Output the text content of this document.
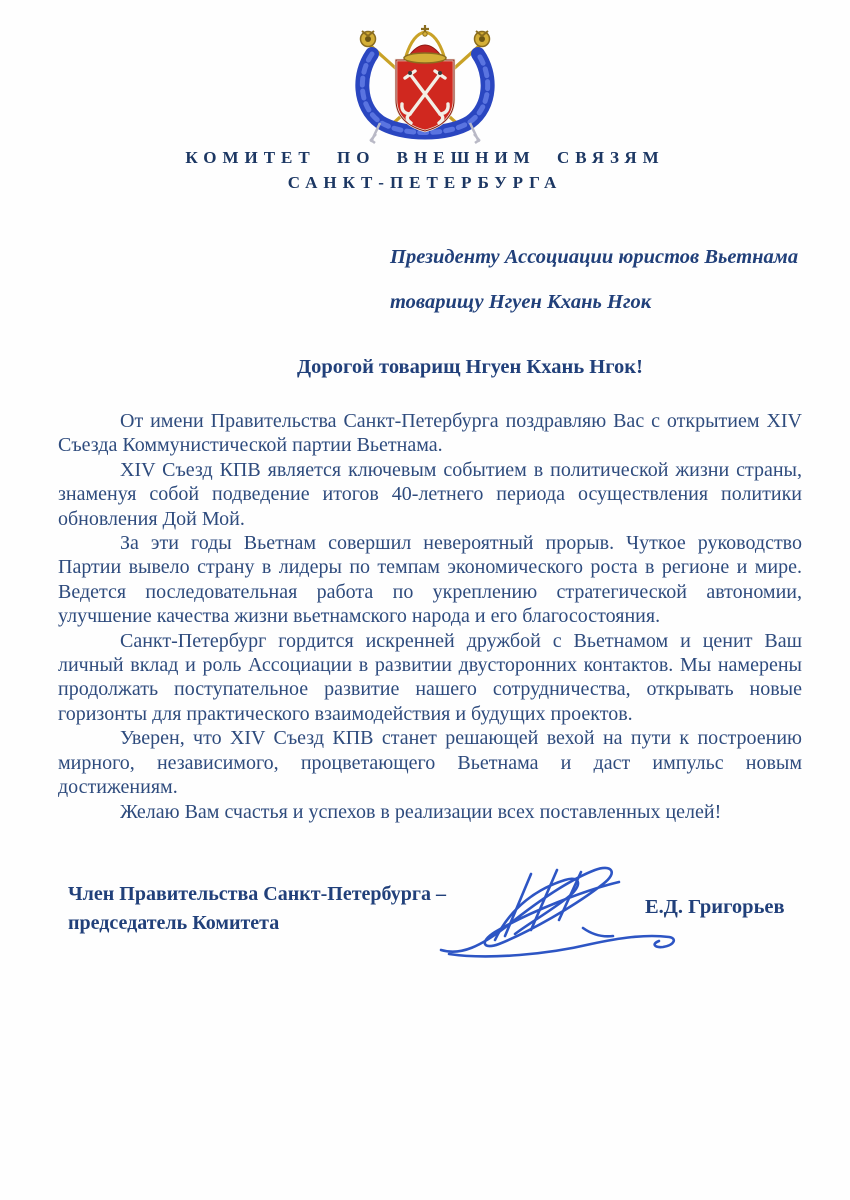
КОМИТЕТ ПО ВНЕШНИМ СВЯЗЯМ
САНКТ-ПЕТЕРБУРГА

Президенту Ассоциации юристов Вьетнама

товарищу Нгуен Кхань Нгок

Дорогой товарищ Нгуен Кхань Нгок!

От имени Правительства Санкт-Петербурга поздравляю Вас с открытием XIV Съезда Коммунистической партии Вьетнама.

XIV Съезд КПВ является ключевым событием в политической жизни страны, знаменуя собой подведение итогов 40-летнего периода осуществления политики обновления Дой Мой.

За эти годы Вьетнам совершил невероятный прорыв. Чуткое руководство Партии вывело страну в лидеры по темпам экономического роста в регионе и мире. Ведется последовательная работа по укреплению стратегической автономии, улучшение качества жизни вьетнамского народа и его благосостояния.

Санкт-Петербург гордится искренней дружбой с Вьетнамом и ценит Ваш личный вклад и роль Ассоциации в развитии двусторонних контактов. Мы намерены продолжать поступательное развитие нашего сотрудничества, открывать новые горизонты для практического взаимодействия и будущих проектов.

Уверен, что XIV Съезд КПВ станет решающей вехой на пути к построению мирного, независимого, процветающего Вьетнама и даст импульс новым достижениям.

Желаю Вам счастья и успехов в реализации всех поставленных целей!

Член Правительства Санкт-Петербурга –
председатель Комитета
Е.Д. Григорьев
